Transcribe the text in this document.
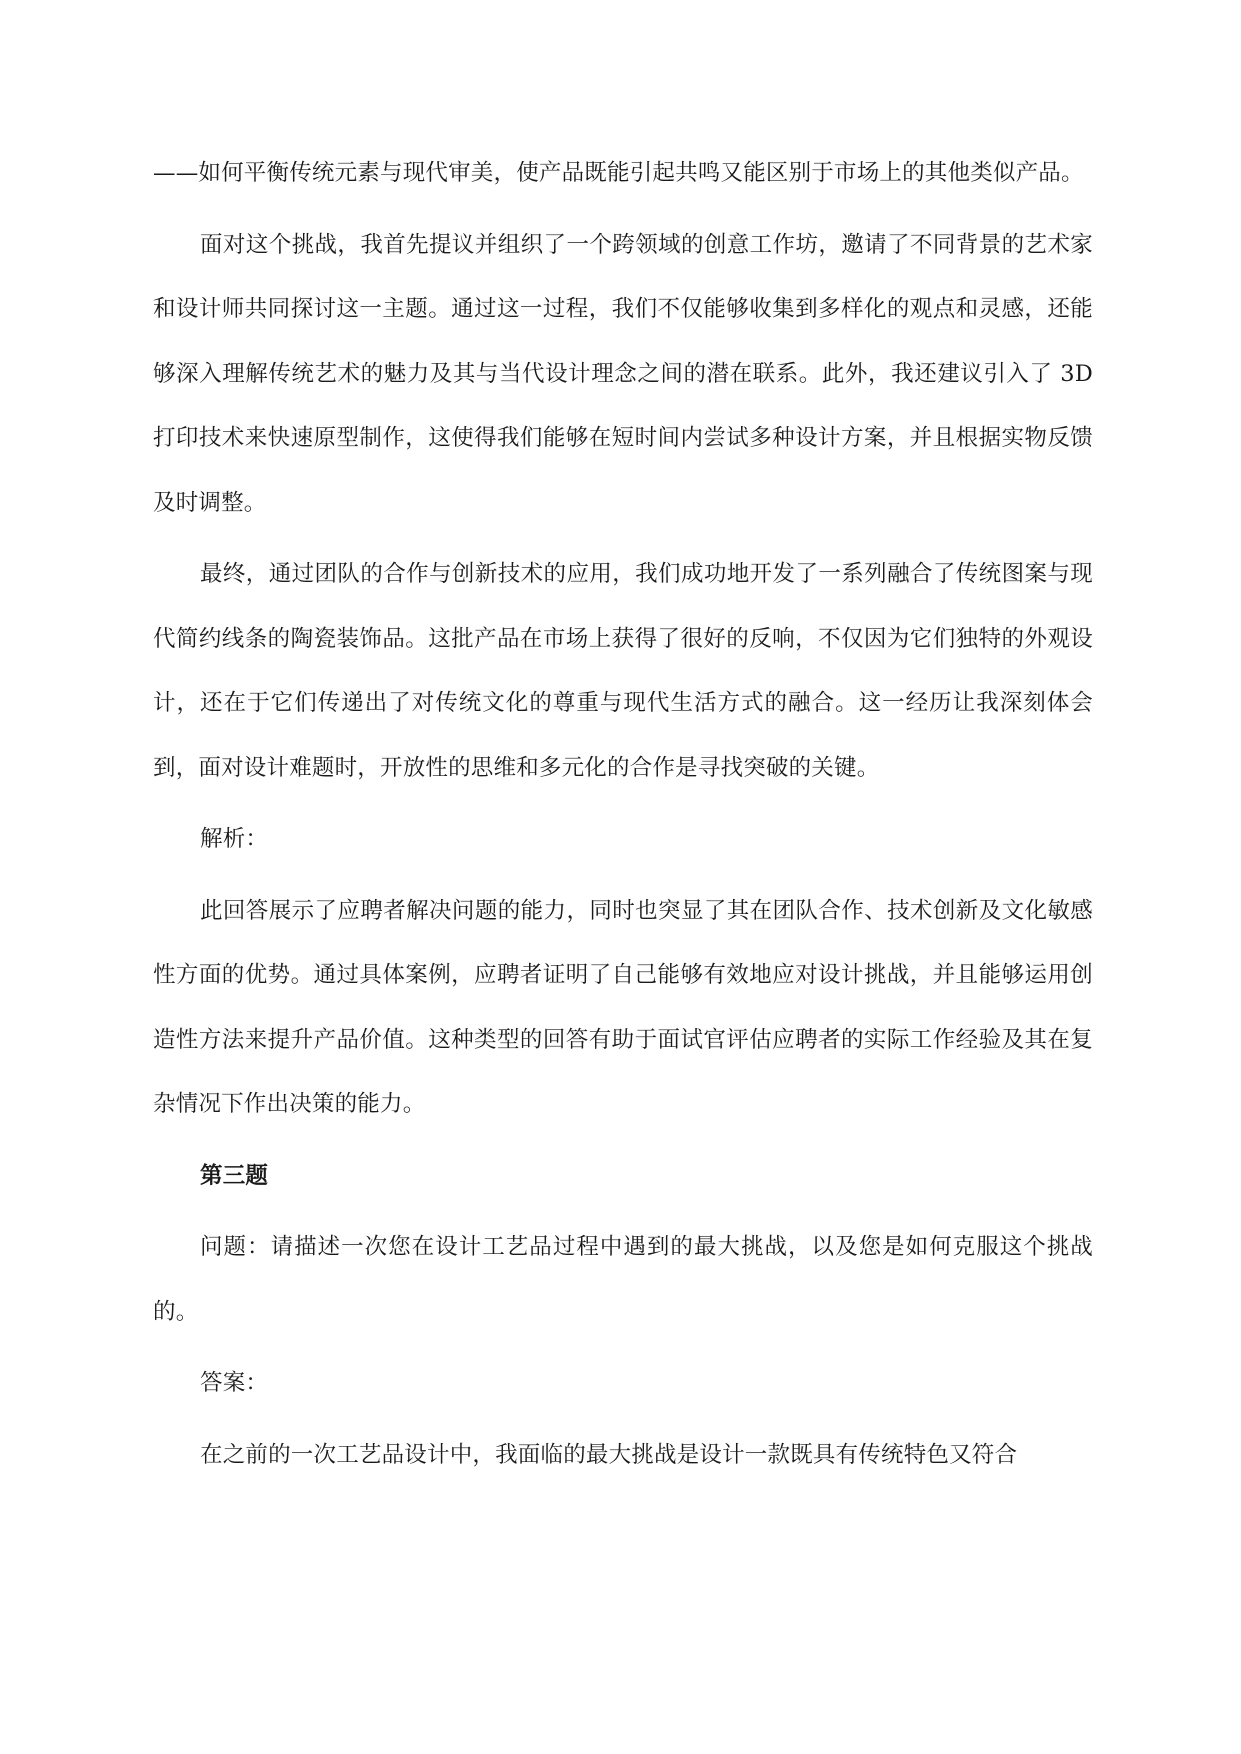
——如何平衡传统元素与现代审美，使产品既能引起共鸣又能区别于市场上的其他类似产品。

面对这个挑战，我首先提议并组织了一个跨领域的创意工作坊，邀请了不同背景的艺术家和设计师共同探讨这一主题。通过这一过程，我们不仅能够收集到多样化的观点和灵感，还能够深入理解传统艺术的魅力及其与当代设计理念之间的潜在联系。此外，我还建议引入了 3D 打印技术来快速原型制作，这使得我们能够在短时间内尝试多种设计方案，并且根据实物反馈及时调整。

最终，通过团队的合作与创新技术的应用，我们成功地开发了一系列融合了传统图案与现代简约线条的陶瓷装饰品。这批产品在市场上获得了很好的反响，不仅因为它们独特的外观设计，还在于它们传递出了对传统文化的尊重与现代生活方式的融合。这一经历让我深刻体会到，面对设计难题时，开放性的思维和多元化的合作是寻找突破的关键。

解析：

此回答展示了应聘者解决问题的能力，同时也突显了其在团队合作、技术创新及文化敏感性方面的优势。通过具体案例，应聘者证明了自己能够有效地应对设计挑战，并且能够运用创造性方法来提升产品价值。这种类型的回答有助于面试官评估应聘者的实际工作经验及其在复杂情况下作出决策的能力。

第三题

问题：请描述一次您在设计工艺品过程中遇到的最大挑战，以及您是如何克服这个挑战的。

答案：

在之前的一次工艺品设计中，我面临的最大挑战是设计一款既具有传统特色又符合
